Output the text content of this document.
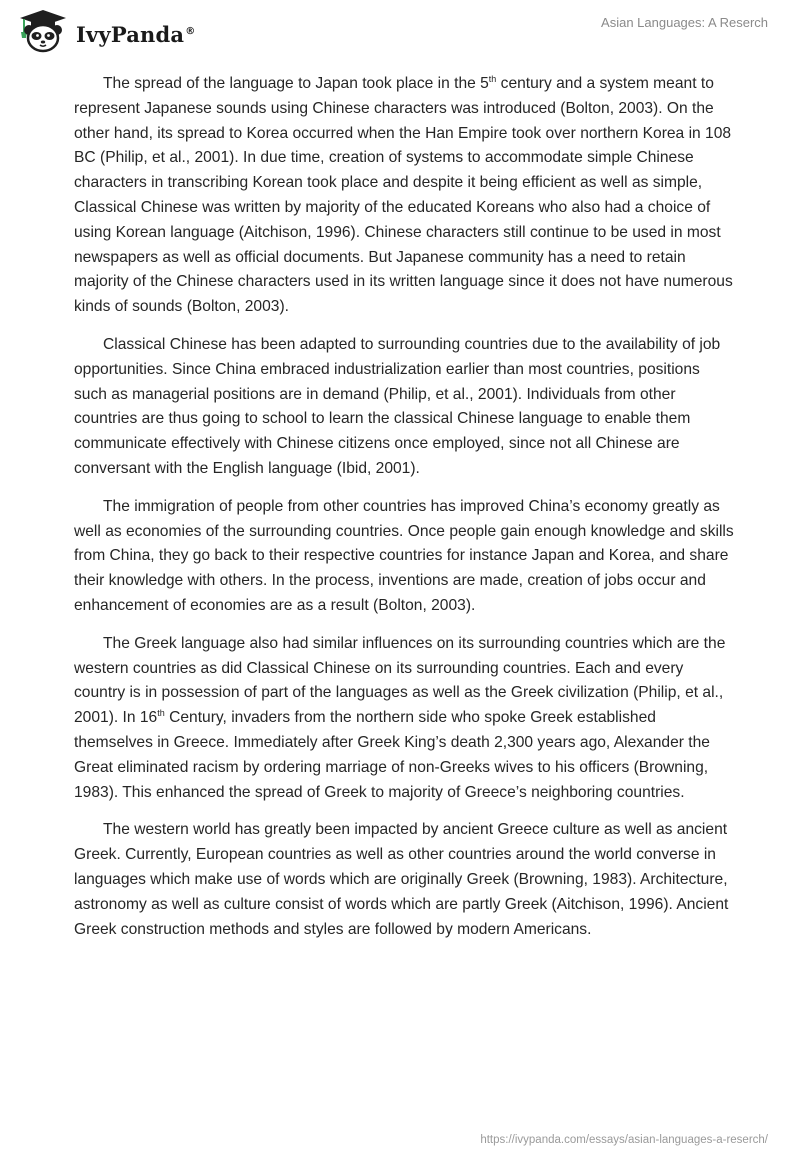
IvyPanda®
Asian Languages: A Reserch

The spread of the language to Japan took place in the 5th century and a system meant to represent Japanese sounds using Chinese characters was introduced (Bolton, 2003). On the other hand, its spread to Korea occurred when the Han Empire took over northern Korea in 108 BC (Philip, et al., 2001). In due time, creation of systems to accommodate simple Chinese characters in transcribing Korean took place and despite it being efficient as well as simple, Classical Chinese was written by majority of the educated Koreans who also had a choice of using Korean language (Aitchison, 1996). Chinese characters still continue to be used in most newspapers as well as official documents. But Japanese community has a need to retain majority of the Chinese characters used in its written language since it does not have numerous kinds of sounds (Bolton, 2003).

Classical Chinese has been adapted to surrounding countries due to the availability of job opportunities. Since China embraced industrialization earlier than most countries, positions such as managerial positions are in demand (Philip, et al., 2001). Individuals from other countries are thus going to school to learn the classical Chinese language to enable them communicate effectively with Chinese citizens once employed, since not all Chinese are conversant with the English language (Ibid, 2001).

The immigration of people from other countries has improved China’s economy greatly as well as economies of the surrounding countries. Once people gain enough knowledge and skills from China, they go back to their respective countries for instance Japan and Korea, and share their knowledge with others. In the process, inventions are made, creation of jobs occur and enhancement of economies are as a result (Bolton, 2003).

The Greek language also had similar influences on its surrounding countries which are the western countries as did Classical Chinese on its surrounding countries. Each and every country is in possession of part of the languages as well as the Greek civilization (Philip, et al., 2001). In 16th Century, invaders from the northern side who spoke Greek established themselves in Greece. Immediately after Greek King’s death 2,300 years ago, Alexander the Great eliminated racism by ordering marriage of non-Greeks wives to his officers (Browning, 1983). This enhanced the spread of Greek to majority of Greece’s neighboring countries.

The western world has greatly been impacted by ancient Greece culture as well as ancient Greek. Currently, European countries as well as other countries around the world converse in languages which make use of words which are originally Greek (Browning, 1983). Architecture, astronomy as well as culture consist of words which are partly Greek (Aitchison, 1996). Ancient Greek construction methods and styles are followed by modern Americans.

https://ivypanda.com/essays/asian-languages-a-reserch/
